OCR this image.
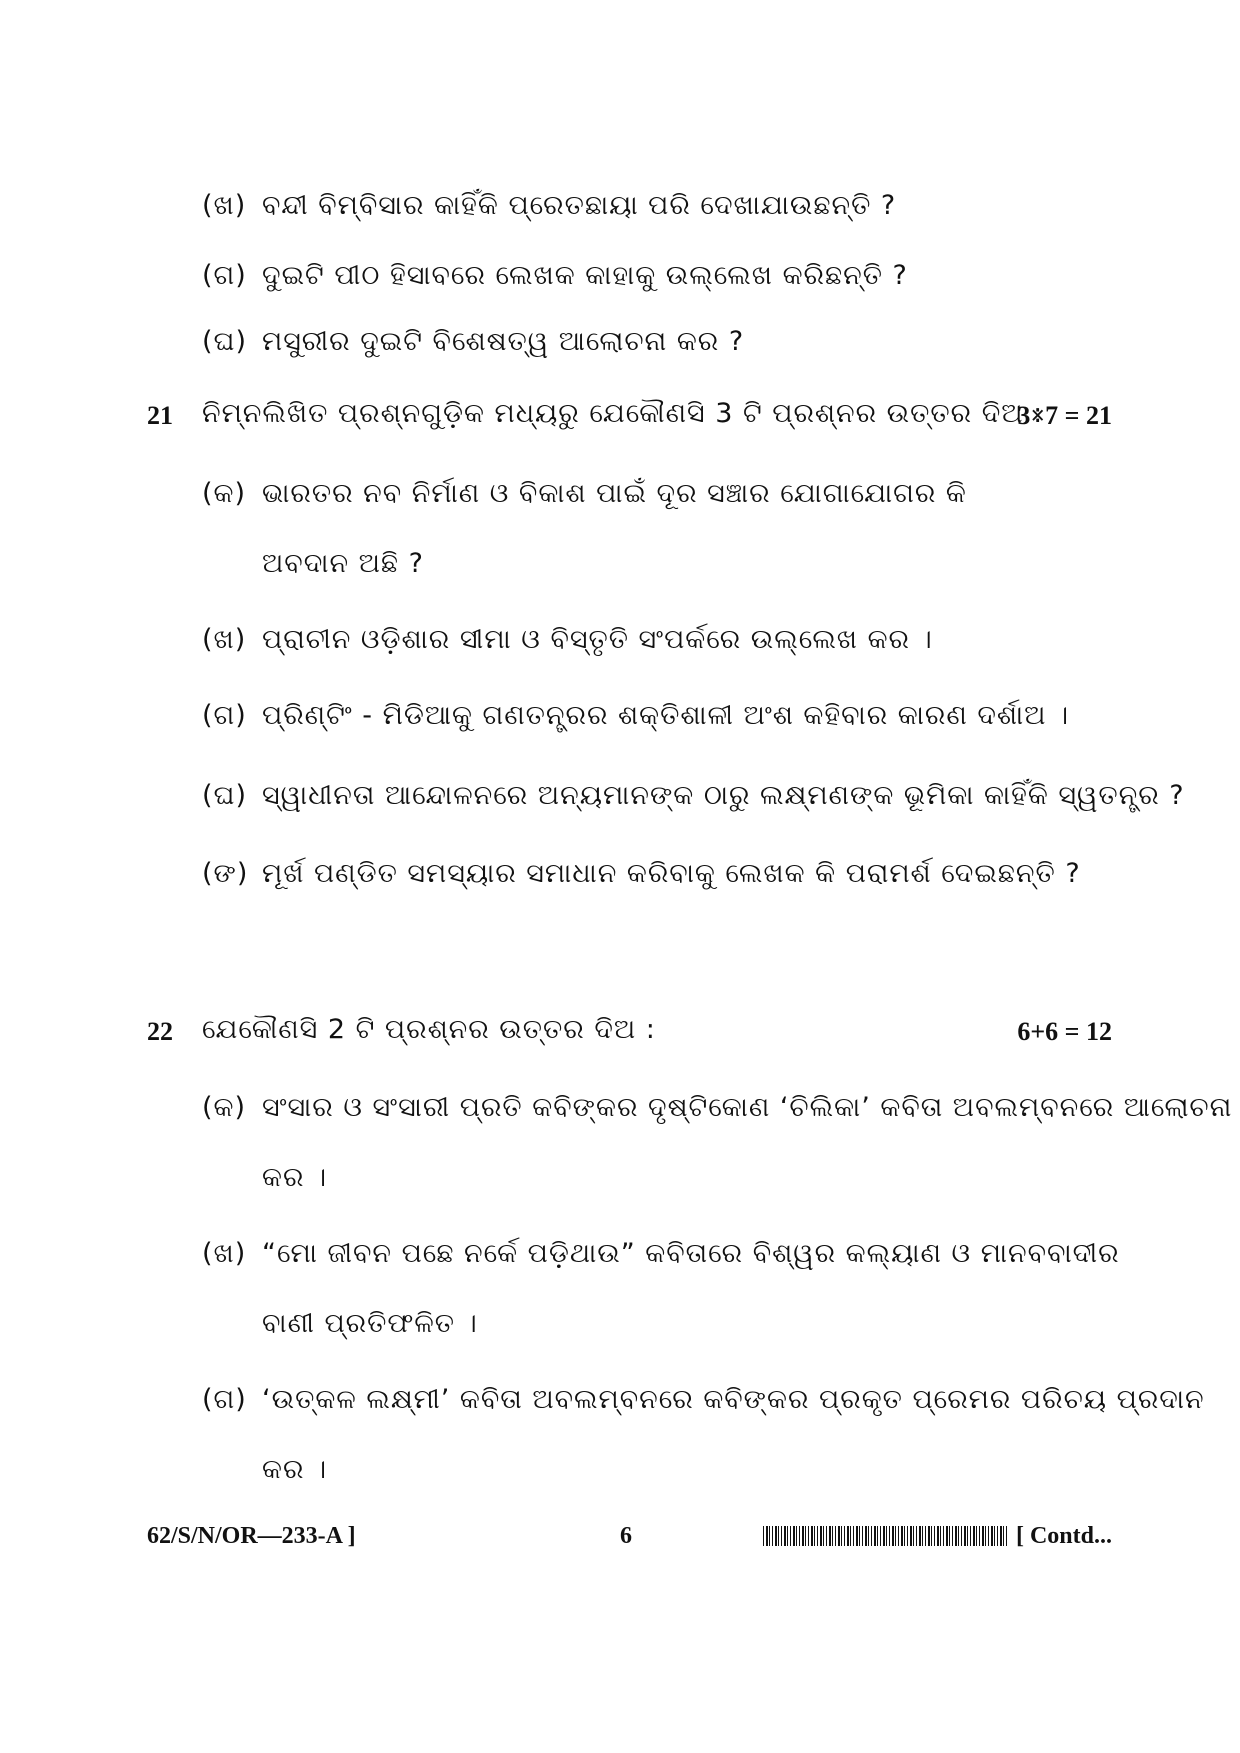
(ଖ) ବନ୍ଦୀ ବିମ୍ବିସାର କାହିଁକି ପ୍ରେତଛାୟା ପରି ଦେଖାଯାଉଛନ୍ତି ?
(ଗ) ଦୁଇଟି ପୀଠ ହିସାବରେ ଲେଖକ କାହାକୁ ଉଲ୍ଲେଖ କରିଛନ୍ତି ?
(ଘ) ମସୁରୀର ଦୁଇଟି ବିଶେଷତ୍ୱ ଆଲୋଚନା କର ?
21 ନିମ୍ନଲିଖିତ ପ୍ରଶ୍ନଗୁଡ଼ିକ ମଧ୍ୟରୁ ଯେକୌଣସି 3 ଟି ପ୍ରଶ୍ନର ଉତ୍ତର ଦିଅ :
3×7 = 21
(କ) ଭାରତର ନବ ନିର୍ମାଣ ଓ ବିକାଶ ପାଇଁ ଦୂର ସଞ୍ଚାର ଯୋଗାଯୋଗର କି
ଅବଦାନ ଅଛି ?
(ଖ) ପ୍ରାଚୀନ ଓଡ଼ିଶାର ସୀମା ଓ ବିସ୍ତୃତି ସଂପର୍କରେ ଉଲ୍ଲେଖ କର ।
(ଗ) ପ୍ରିଣ୍ଟିଂ - ମିଡିଆକୁ ଗଣତନ୍ତ୍ରର ଶକ୍ତିଶାଳୀ ଅଂଶ କହିବାର କାରଣ ଦର୍ଶାଅ ।
(ଘ) ସ୍ୱାଧୀନତା ଆନ୍ଦୋଳନରେ ଅନ୍ୟମାନଙ୍କ ଠାରୁ ଲକ୍ଷ୍ମଣଙ୍କ ଭୂମିକା କାହିଁକି ସ୍ୱତନ୍ତ୍ର ?
(ଙ) ମୂର୍ଖ ପଣ୍ଡିତ ସମସ୍ୟାର ସମାଧାନ କରିବାକୁ ଲେଖକ କି ପରାମର୍ଶ ଦେଇଛନ୍ତି ?
22 ଯେକୌଣସି 2 ଟି ପ୍ରଶ୍ନର ଉତ୍ତର ଦିଅ :	6+6 = 12
(କ) ସଂସାର ଓ ସଂସାରୀ ପ୍ରତି କବିଙ୍କର ଦୃଷ୍ଟିକୋଣ ‘ଚିଲିକା’ କବିତା ଅବଲମ୍ବନରେ ଆଲୋଚନା
କର ।
(ଖ) “ମୋ ଜୀବନ ପଛେ ନର୍କେ ପଡ଼ିଥାଉ” କବିତାରେ ବିଶ୍ୱର କଲ୍ୟାଣ ଓ ମାନବବାଦୀର
ବାଣୀ ପ୍ରତିଫଳିତ ।
(ଗ) ‘ଉତ୍କଳ ଲକ୍ଷ୍ମୀ’ କବିତା ଅବଲମ୍ବନରେ କବିଙ୍କର ପ୍ରକୃତ ପ୍ରେମର ପରିଚୟ ପ୍ରଦାନ
କର ।
62/S/N/OR—233-A ]	6	[ Contd...
